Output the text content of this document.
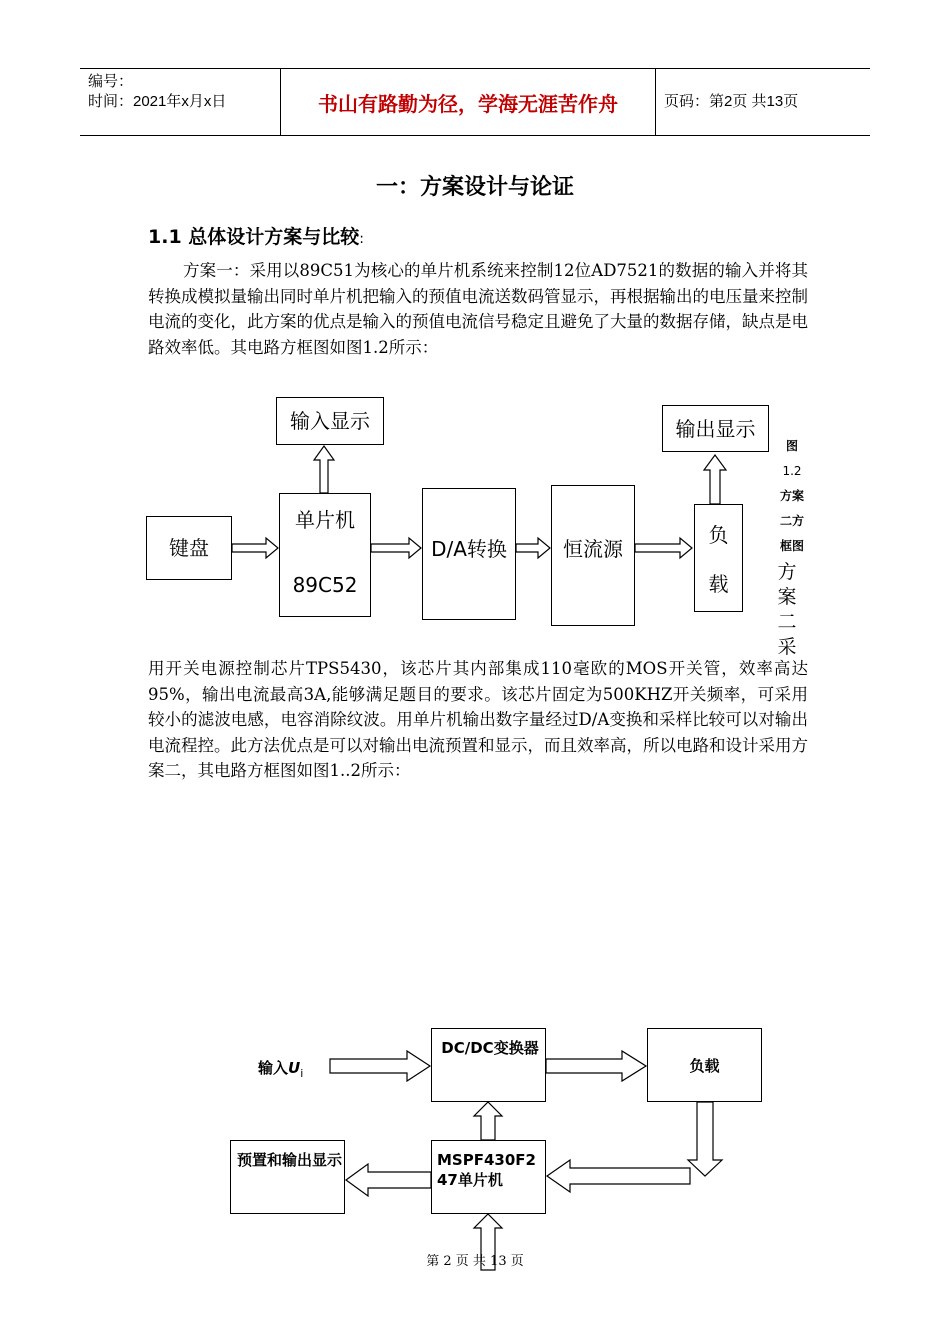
编号：
时间：2021年x月x日	书山有路勤为径，学海无涯苦作舟	页码：第2页 共13页
一：方案设计与论证
1.1 总体设计方案与比较:
方案一：采用以89C51为核心的单片机系统来控制12位AD7521的数据的输入并将其转换成模拟量输出同时单片机把输入的预值电流送数码管显示，再根据输出的电压量来控制电流的变化，此方案的优点是输入的预值电流信号稳定且避免了大量的数据存储，缺点是电路效率低。其电路方框图如图1.2所示：
输入显示
键盘
单片机
89C52
D/A转换	恒流源
负
载
输出显示
图
1.2
方案
二方
框图
方
案
二
采
用开关电源控制芯片TPS5430，该芯片其内部集成110毫欧的MOS开关管，效率高达95%，输出电流最高3A,能够满足题目的要求。该芯片固定为500KHZ开关频率，可采用较小的滤波电感，电容消除纹波。用单片机输出数字量经过D/A变换和采样比较可以对输出电流程控。此方法优点是可以对输出电流预置和显示，而且效率高，所以电路和设计采用方案二，其电路方框图如图1..2所示：
DC/DC变换器
负载
预置和输出显示	MSPF430F247单片机
输入$U_i$
第 2 页 共 13 页
